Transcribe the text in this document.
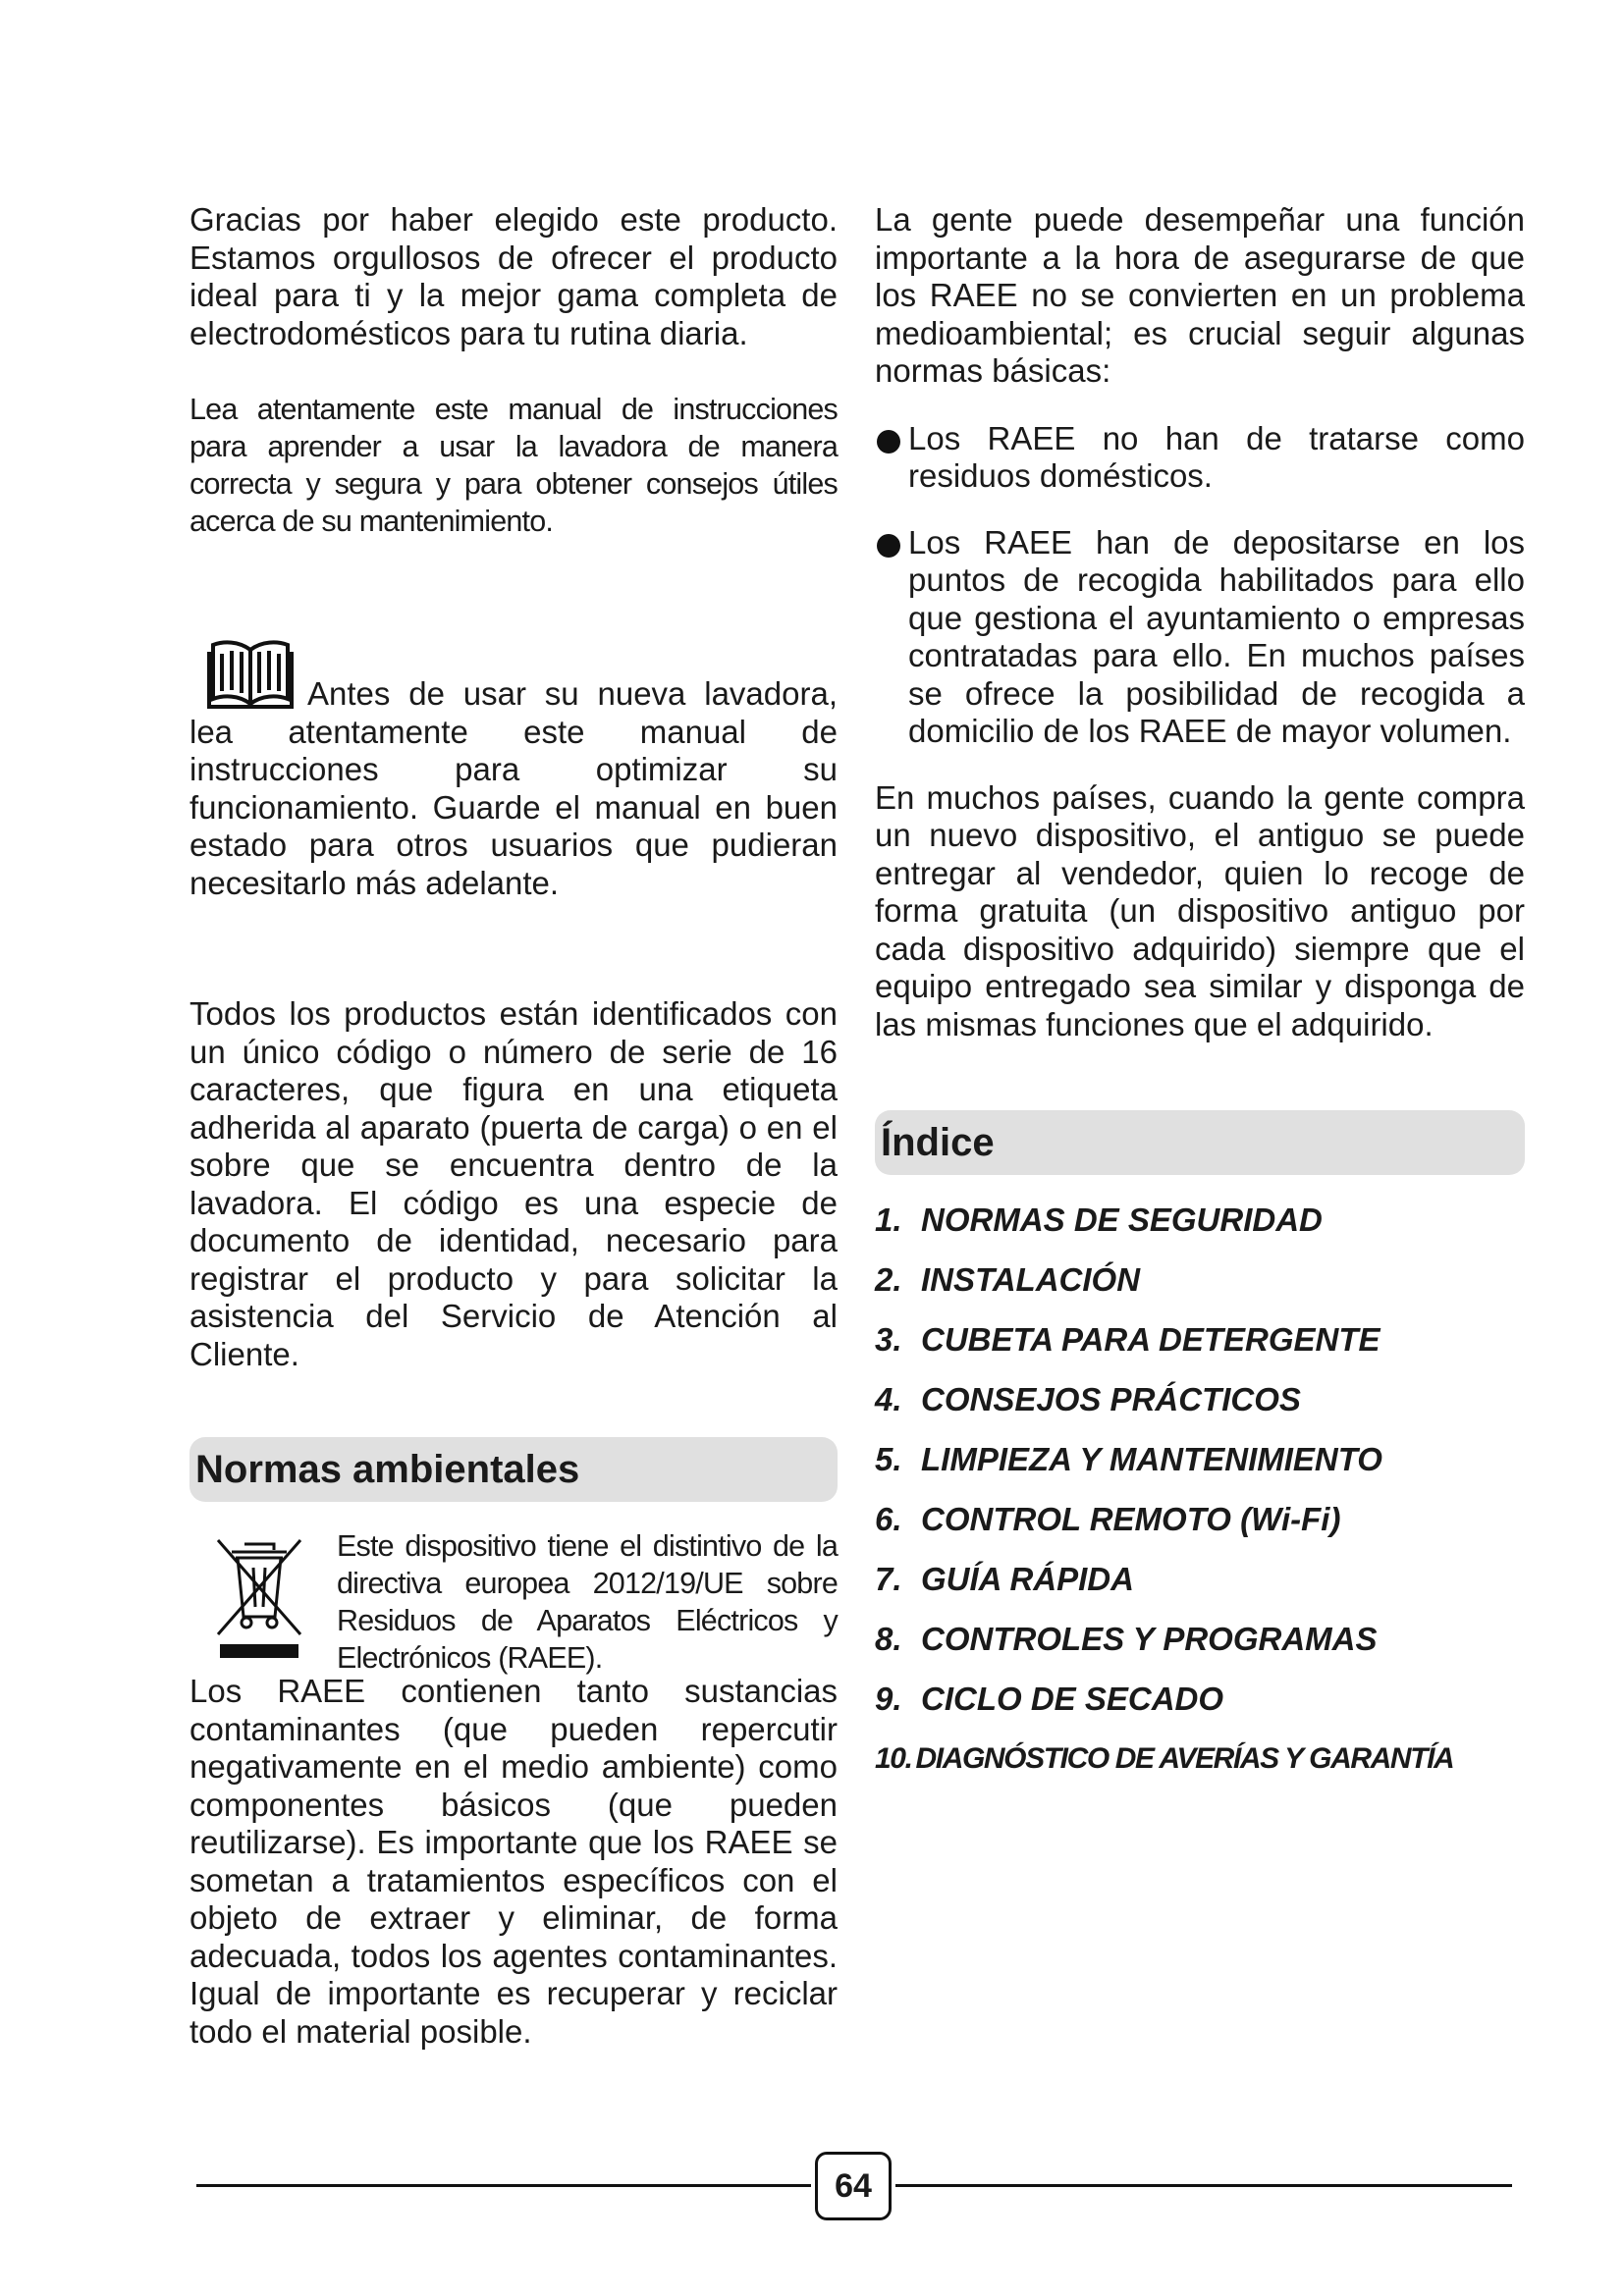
Gracias por haber elegido este producto. Estamos orgullosos de ofrecer el producto ideal para ti y la mejor gama completa de electrodomésticos para tu rutina diaria.

Lea atentamente este manual de instrucciones para aprender a usar la lavadora de manera correcta y segura y para obtener consejos útiles acerca de su mantenimiento.

Antes de usar su nueva lavadora, lea atentamente este manual de instrucciones para optimizar su funcionamiento. Guarde el manual en buen estado para otros usuarios que pudieran necesitarlo más adelante.

Todos los productos están identificados con un único código o número de serie de 16 caracteres, que figura en una etiqueta adherida al aparato (puerta de carga) o en el sobre que se encuentra dentro de la lavadora. El código es una especie de documento de identidad, necesario para registrar el producto y para solicitar la asistencia del Servicio de Atención al Cliente.

Normas ambientales

Este dispositivo tiene el distintivo de la directiva europea 2012/19/UE sobre Residuos de Aparatos Eléctricos y Electrónicos (RAEE).

Los RAEE contienen tanto sustancias contaminantes (que pueden repercutir negativamente en el medio ambiente) como componentes básicos (que pueden reutilizarse). Es importante que los RAEE se sometan a tratamientos específicos con el objeto de extraer y eliminar, de forma adecuada, todos los agentes contaminantes. Igual de importante es recuperar y reciclar todo el material posible.

La gente puede desempeñar una función importante a la hora de asegurarse de que los RAEE no se convierten en un problema medioambiental; es crucial seguir algunas normas básicas:

Los RAEE no han de tratarse como residuos domésticos.

Los RAEE han de depositarse en los puntos de recogida habilitados para ello que gestiona el ayuntamiento o empresas contratadas para ello. En muchos países se ofrece la posibilidad de recogida a domicilio de los RAEE de mayor volumen.

En muchos países, cuando la gente compra un nuevo dispositivo, el antiguo se puede entregar al vendedor, quien lo recoge de forma gratuita (un dispositivo antiguo por cada dispositivo adquirido) siempre que el equipo entregado sea similar y disponga de las mismas funciones que el adquirido.

Índice
1. NORMAS DE SEGURIDAD
2. INSTALACIÓN
3. CUBETA PARA DETERGENTE
4. CONSEJOS PRÁCTICOS
5. LIMPIEZA Y MANTENIMIENTO
6. CONTROL REMOTO (Wi-Fi)
7. GUÍA RÁPIDA
8. CONTROLES Y PROGRAMAS
9. CICLO DE SECADO
10. DIAGNÓSTICO DE AVERÍAS Y GARANTÍA
64
